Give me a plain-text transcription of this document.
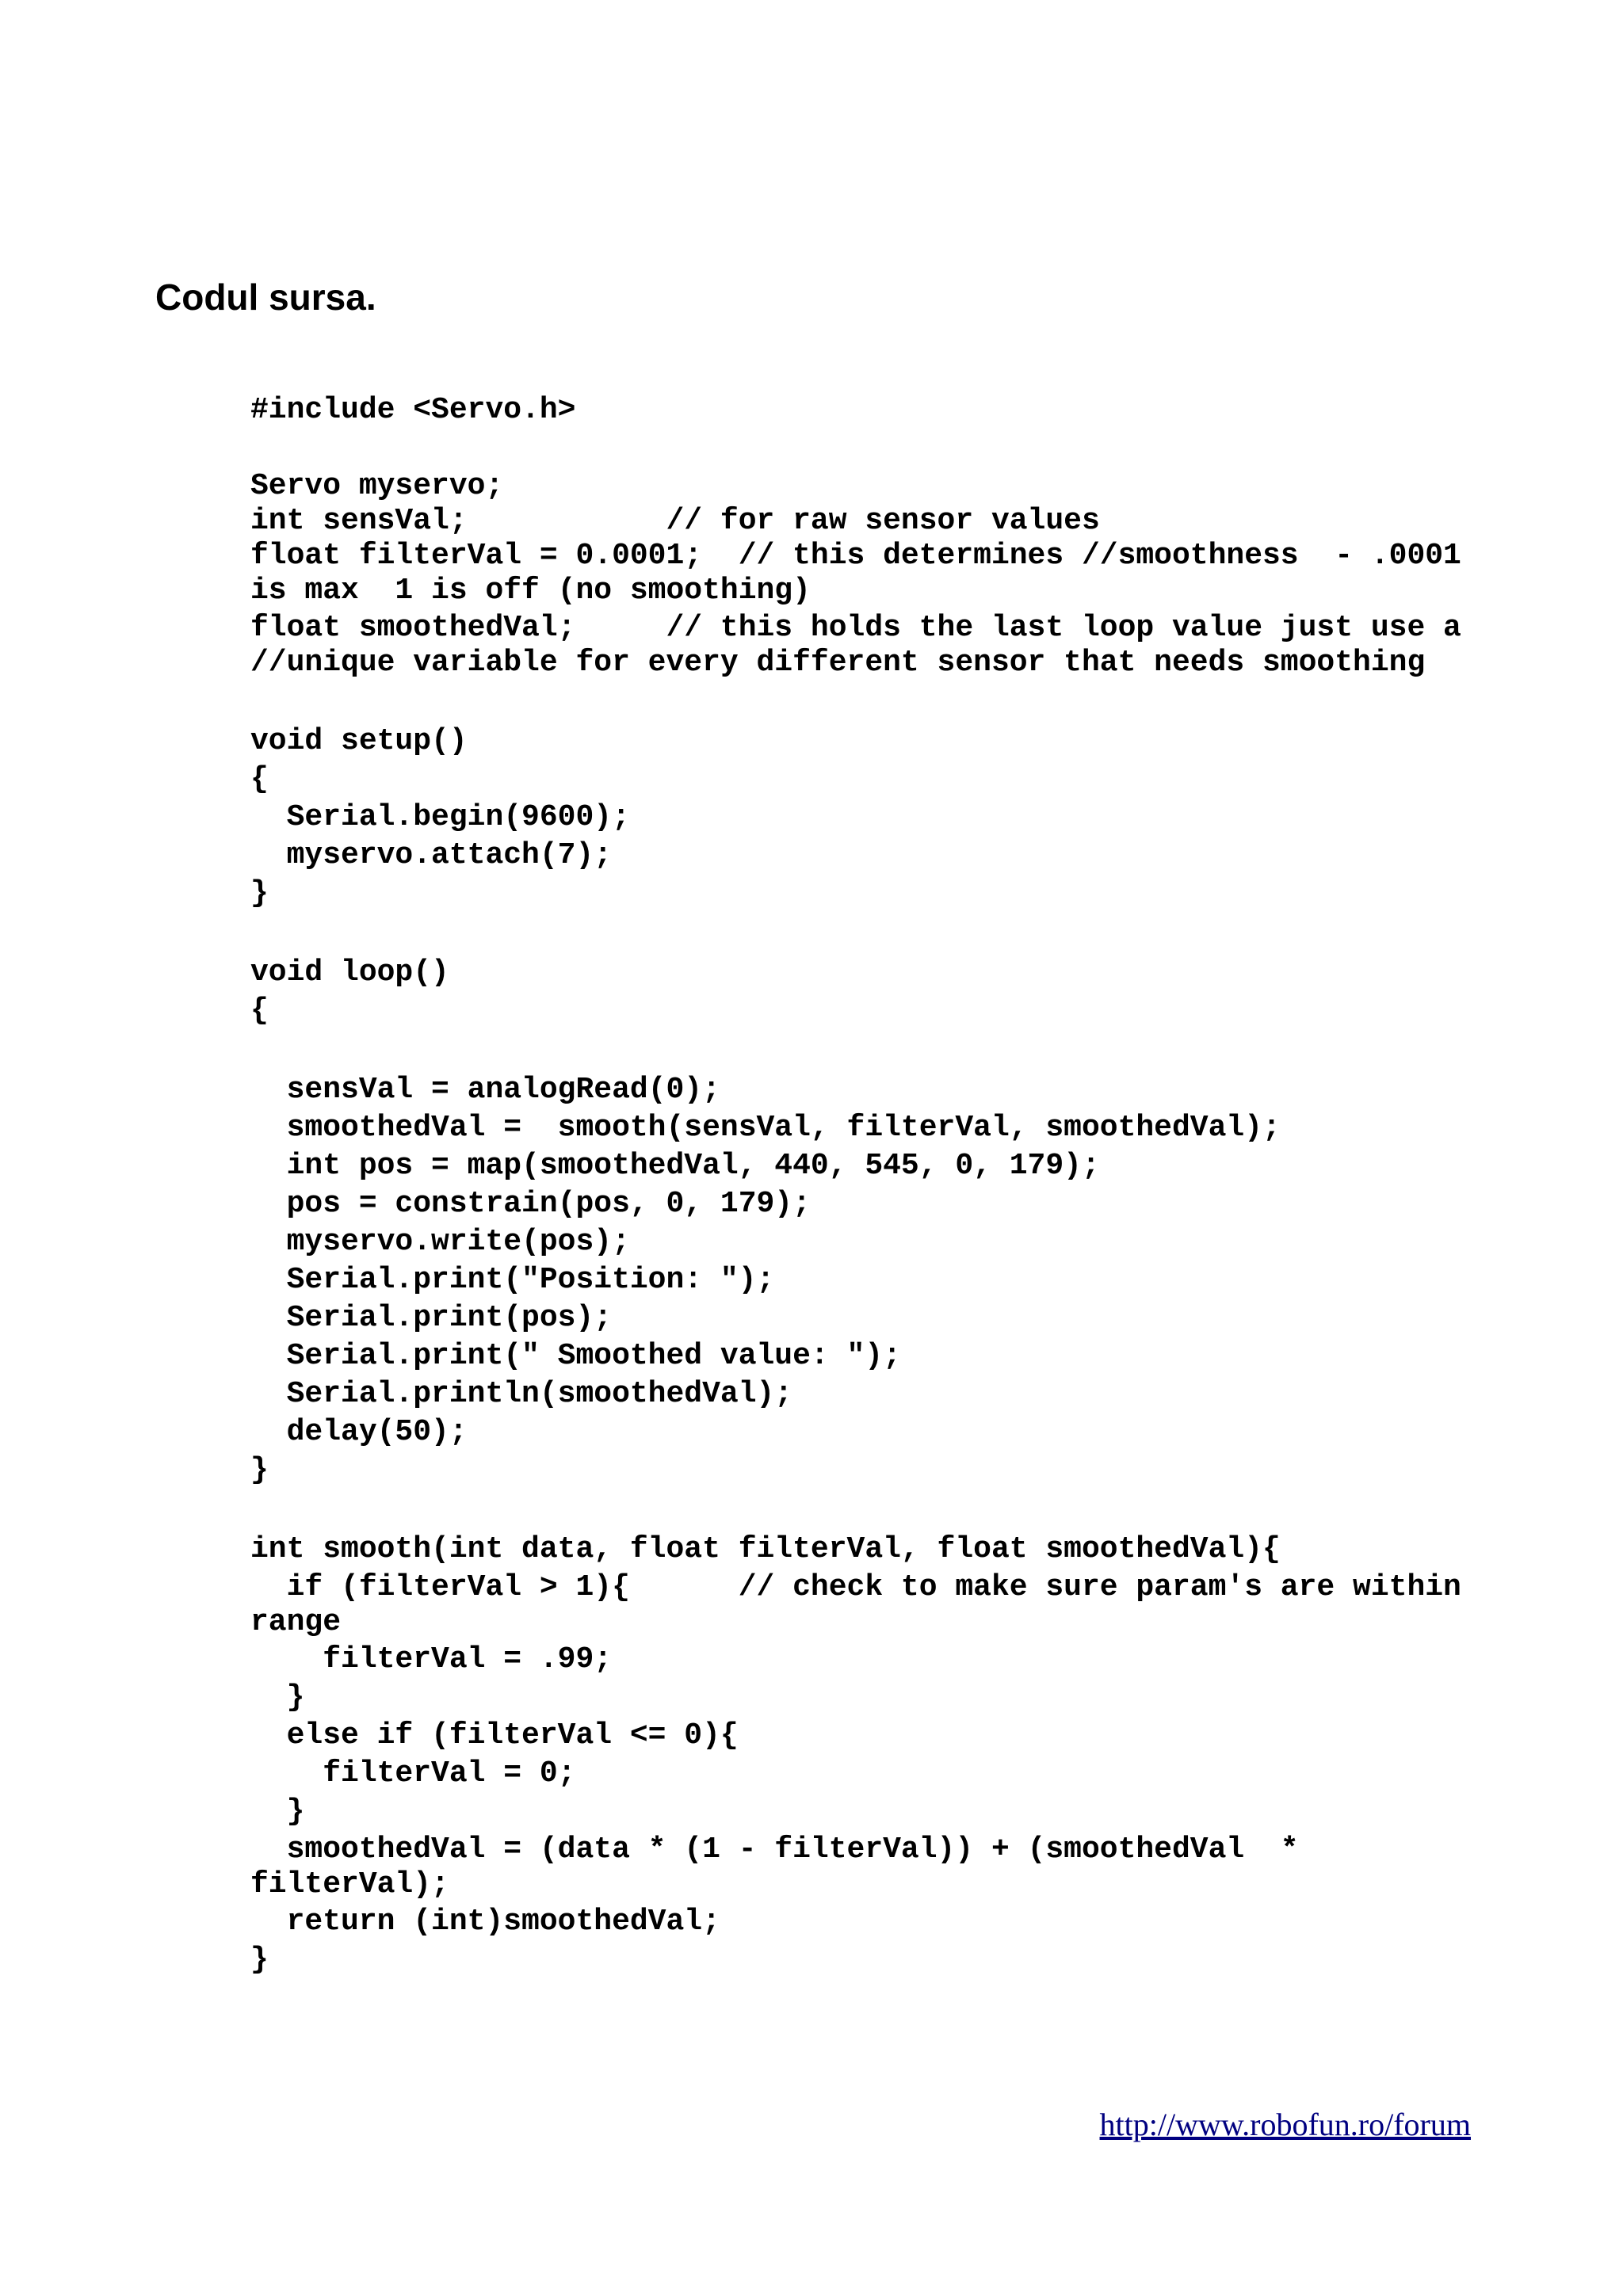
Codul sursa.
#include <Servo.h>
Servo myservo;
int sensVal;           // for raw sensor values
float filterVal = 0.0001;  // this determines //smoothness  - .0001
is max  1 is off (no smoothing)
float smoothedVal;     // this holds the last loop value just use a
//unique variable for every different sensor that needs smoothing
void setup()
{
Serial.begin(9600);
myservo.attach(7);
}
void loop()
{
sensVal = analogRead(0);
smoothedVal =  smooth(sensVal, filterVal, smoothedVal);
int pos = map(smoothedVal, 440, 545, 0, 179);
pos = constrain(pos, 0, 179);
myservo.write(pos);
Serial.print("Position: ");
Serial.print(pos);
Serial.print(" Smoothed value: ");
Serial.println(smoothedVal);
delay(50);
}
int smooth(int data, float filterVal, float smoothedVal){
if (filterVal > 1){      // check to make sure param's are within
range
filterVal = .99;
}
else if (filterVal <= 0){
filterVal = 0;
}
smoothedVal = (data * (1 - filterVal)) + (smoothedVal  *
filterVal);
return (int)smoothedVal;
}
http://www.robofun.ro/forum
